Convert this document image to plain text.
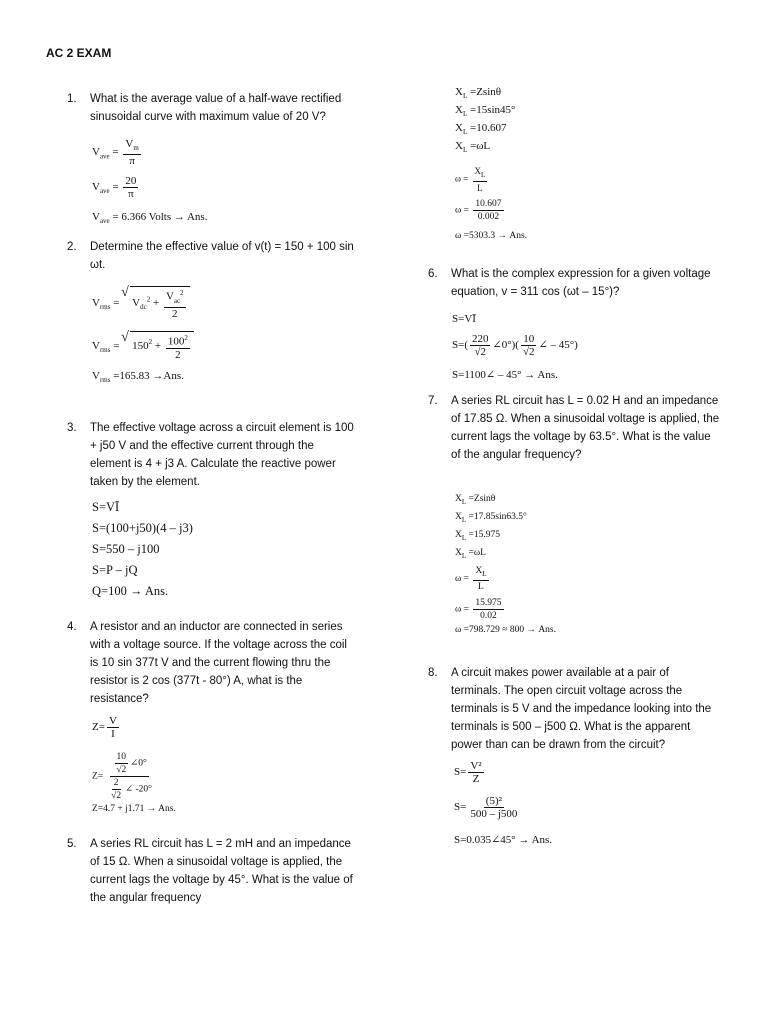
AC 2 EXAM
1. What is the average value of a half-wave rectified
sinusoidal curve with maximum value of 20 V?
2. Determine the effective value of v(t) = 150 + 100 sin
ωt.
3. The effective voltage across a circuit element is 100
+ j50 V and the effective current through the
element is 4 + j3 A. Calculate the reactive power
taken by the element.
4. A resistor and an inductor are connected in series
with a voltage source. If the voltage across the coil
is 10 sin 377t V and the current flowing thru the
resistor is 2 cos (377t - 80°) A, what is the
resistance?
5. A series RL circuit has L = 2 mH and an impedance
of 15 Ω. When a sinusoidal voltage is applied, the
current lags the voltage by 45°. What is the value of
the angular frequency
6. What is the complex expression for a given voltage
equation, v = 311 cos (ωt – 15°)?
7. A series RL circuit has L = 0.02 H and an impedance
of 17.85 Ω. When a sinusoidal voltage is applied, the
current lags the voltage by 63.5°. What is the value
of the angular frequency?
8. A circuit makes power available at a pair of
terminals. The open circuit voltage across the
terminals is 5 V and the impedance looking into the
terminals is 500 – j500 Ω. What is the apparent
power than can be drawn from the circuit?
$V_{ave} = \frac{V_m}{\pi}$
$V_{ave} = \frac{20}{\pi}$
$V_{ave} = 6.366$ Volts → Ans.
$V_{rms}$ = √ $V_{dc}^2 + \frac{V_{ac}^2}{2}$
$V_{rms}$ = √ $150^2 + \frac{100^2}{2}$
$V_{rms} =165.83 \to Ans$.
S=VĪ
S=(100+j50)(4 – j3)
S=550 – j100
S=P – jQ
Q=100 → Ans.
$Z= \frac{V}{I}$
$Z= \frac{\frac{10}{√2} \angle 0^\circ}{\frac{2}{√2} \angle -20^\circ}$
Z=4.7 + j1.71 → Ans.
$X_L =Zsin\theta$
$X_L =15\sin 45^\circ$
$X_L =10.607$
$X_L =\omega L$
$\omega = \frac{X_L}{L}$
$\omega = \frac{10.607}{0.002}$
ω =5303.3 → Ans.
S=VĪ
$S=( \frac{220}{√2}$ ∠0°)( $\frac{10}{√2}$ ∠ – 45°)
S=1100∠ – 45° → Ans.
$X_L =Zsin\theta$
$X_L =17.85\sin 63.5^\circ$
$X_L =15.975$
$X_L =\omega L$
$\omega = \frac{X_L}{L}$
$\omega = \frac{15.975}{0.02}$
ω =798.729 ≈ 800 → Ans.
$S= \frac{\text{V²}}{Z}$
$S= \frac{\text{(5)²}}{500 - j500}$
S=0.035∠45° → Ans.
